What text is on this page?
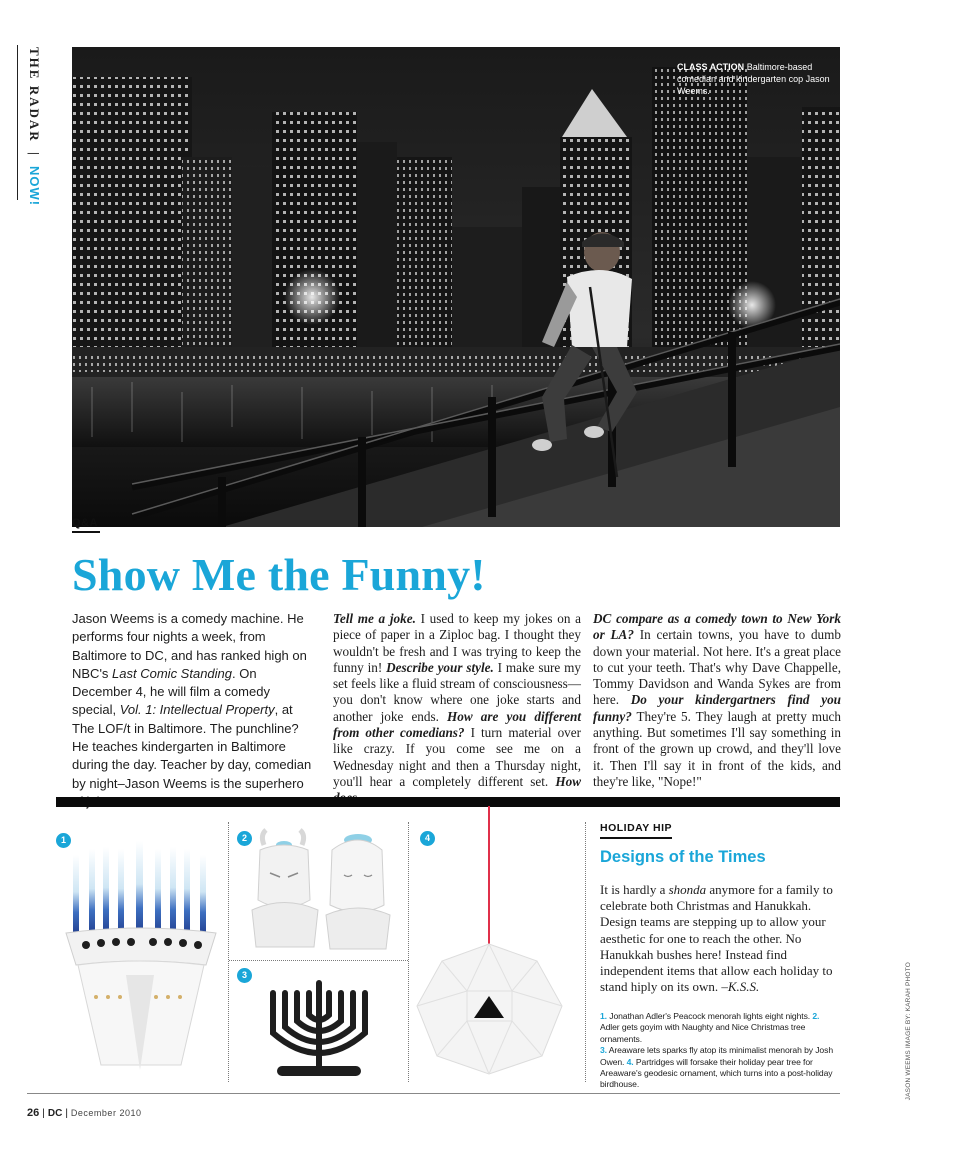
THE RADAR | NOW!
CLASS ACTION Baltimore-based comedian and kindergarten cop Jason Weems.
Q&A
Show Me the Funny!

Jason Weems is a comedy machine. He performs four nights a week, from Baltimore to DC, and has ranked high on NBC's Last Comic Standing. On December 4, he will film a comedy special, Vol. 1: Intellectual Property, at The LOF/t in Baltimore. The punchline? He teaches kindergarten in Baltimore during the day. Teacher by day, comedian by night–Jason Weems is the superhero

Tell me a joke. I used to keep my jokes on a piece of paper in a Ziploc bag. I thought they wouldn't be fresh and I was trying to keep the funny in! Describe your style. I make sure my set feels like a fluid stream of consciousness—you don't know where one joke starts and another joke ends. How are you different from other comedians? I turn material over like crazy. If you come see me on a Wednesday night and then a Thursday night, you'll hear a completely different set. How

DC compare as a comedy town to New York or LA? In certain towns, you have to dumb down your material. Not here. It's a great place to cut your teeth. That's why Dave Chappelle, Tommy Davidson and Wanda Sykes are from here. Do your kindergartners find you funny? They're 5. They laugh at pretty much anything. But sometimes I'll say something in front of the grown up crowd, and they'll love it. Then I'll say it in front of the kids, and they're like, "Nope!"

1	2
3
4
HOLIDAY HIP
Designs of the Times

It is hardly a shonda anymore for a family to celebrate both Christmas and Hanukkah. Design teams are stepping up to allow your aesthetic for one to reach the other. No Hanukkah bushes here! Instead find independent items that allow each holiday to stand hiply on its own. –K.S.S.

1. Jonathan Adler's Peacock menorah lights eight nights. 2. Adler gets goyim with Naughty and Nice Christmas tree ornaments.
3. Areaware lets sparks fly atop its minimalist menorah by Josh Owen. 4. Partridges will forsake their holiday pear tree for Areaware's geodesic ornament, which turns into a post-holiday birdhouse.	JASON WEEMS IMAGE BY: KARAH PHOTO
26 | DC | December 2010
